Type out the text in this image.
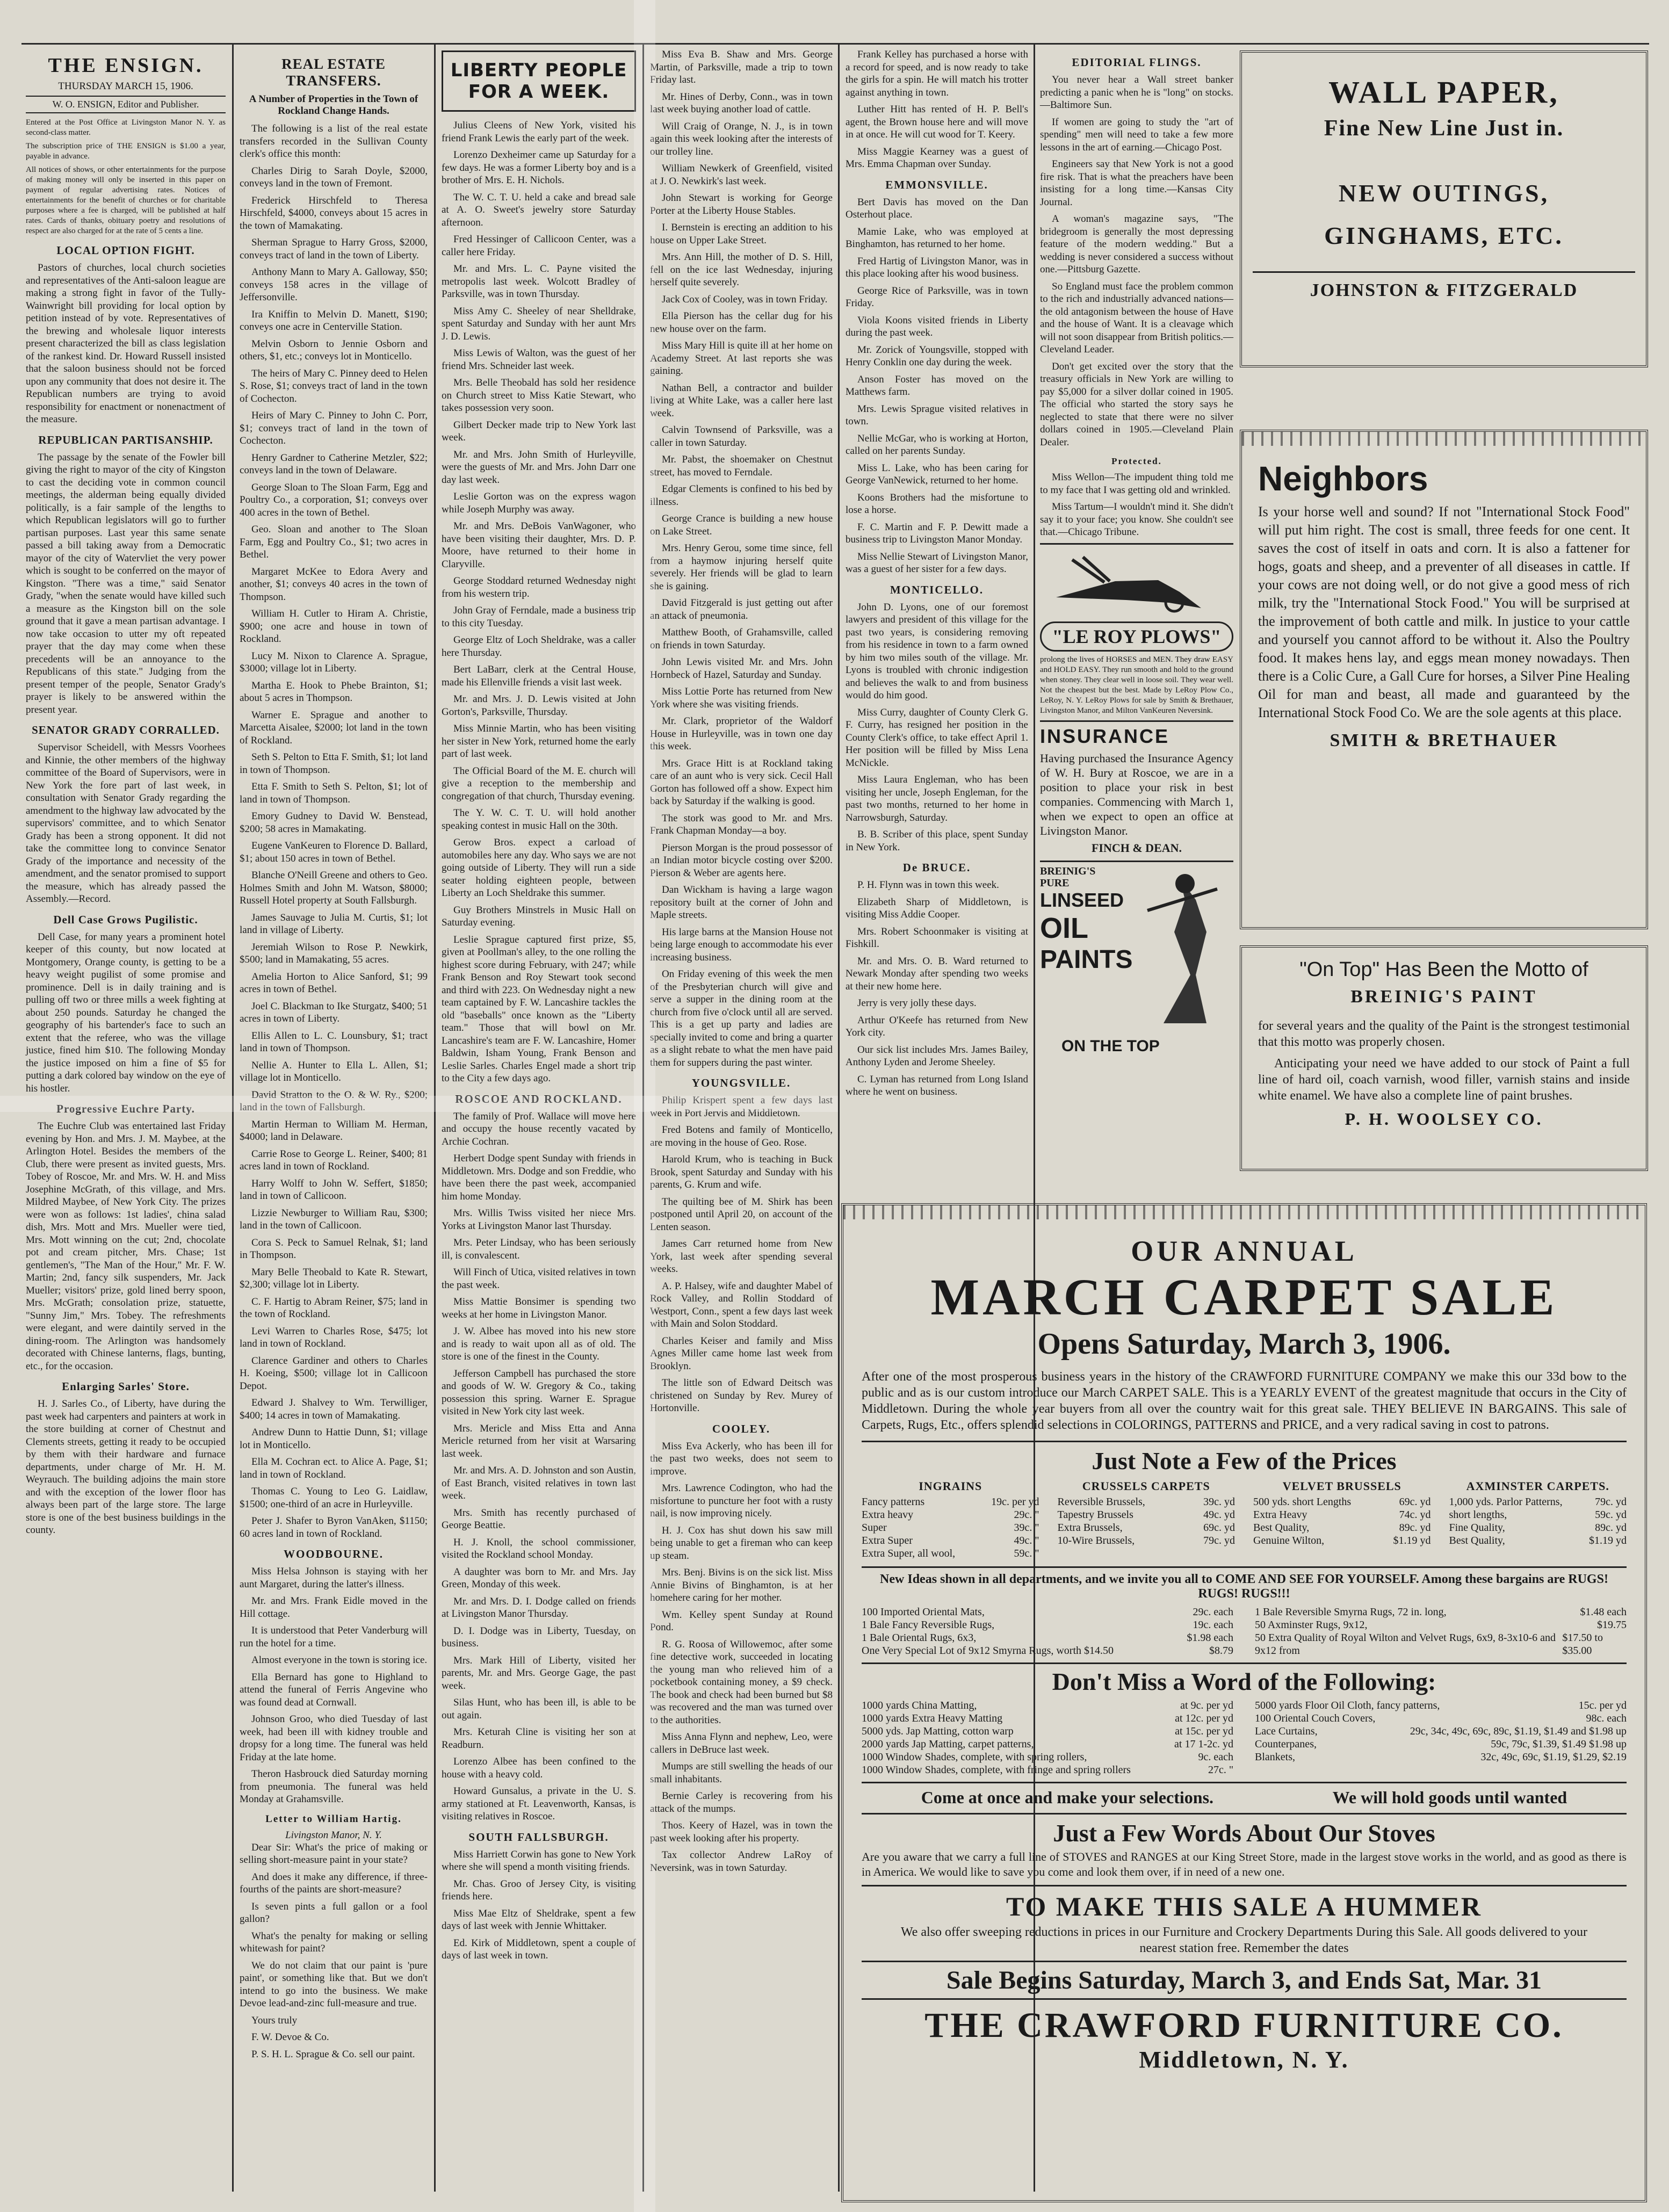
THE ENSIGN.
THURSDAY MARCH 15, 1906.
W. O. ENSIGN, Editor and Publisher.

Entered at the Post Office at Livingston Manor N. Y. as second-class matter.

The subscription price of THE ENSIGN is $1.00 a year, payable in advance.

All notices of shows, or other entertainments for the purpose of making money will only be inserted in this paper on payment of regular advertising rates. Notices of entertainments for the benefit of churches or for charitable purposes where a fee is charged, will be published at half rates. Cards of thanks, obituary poetry and resolutions of respect are also charged for at the rate of 5 cents a line.

LOCAL OPTION FIGHT.

Pastors of churches, local church societies and representatives of the Anti-saloon league are making a strong fight in favor of the Tully-Wainwright bill providing for local option by petition instead of by vote. Representatives of the brewing and wholesale liquor interests present characterized the bill as class legislation of the rankest kind. Dr. Howard Russell insisted that the saloon business should not be forced upon any community that does not desire it. The Republican numbers are trying to avoid responsibility for enactment or nonenactment of the measure.

REPUBLICAN PARTISANSHIP.

The passage by the senate of the Fowler bill giving the right to mayor of the city of Kingston to cast the deciding vote in common council meetings, the alderman being equally divided politically, is a fair sample of the lengths to which Republican legislators will go to further partisan purposes. Last year this same senate passed a bill taking away from a Democratic mayor of the city of Watervliet the very power which is sought to be conferred on the mayor of Kingston. "There was a time," said Senator Grady, "when the senate would have killed such a measure as the Kingston bill on the sole ground that it gave a mean partisan advantage. I now take occasion to utter my oft repeated prayer that the day may come when these precedents will be an annoyance to the Republicans of this state." Judging from the present temper of the people, Senator Grady's prayer is likely to be answered within the present year.

SENATOR GRADY CORRALLED.

Supervisor Scheidell, with Messrs Voorhees and Kinnie, the other members of the highway committee of the Board of Supervisors, were in New York the fore part of last week, in consultation with Senator Grady regarding the amendment to the highway law advocated by the supervisors' committee, and to which Senator Grady has been a strong opponent. It did not take the committee long to convince Senator Grady of the importance and necessity of the amendment, and the senator promised to support the measure, which has already passed the Assembly.—Record.

Dell Case Grows Pugilistic.

Dell Case, for many years a prominent hotel keeper of this county, but now located at Montgomery, Orange county, is getting to be a heavy weight pugilist of some promise and prominence. Dell is in daily training and is pulling off two or three mills a week fighting at about 250 pounds. Saturday he changed the geography of his bartender's face to such an extent that the referee, who was the village justice, fined him $10. The following Monday the justice imposed on him a fine of $5 for putting a dark colored bay window on the eye of his hostler.

Progressive Euchre Party.

The Euchre Club was entertained last Friday evening by Hon. and Mrs. J. M. Maybee, at the Arlington Hotel. Besides the members of the Club, there were present as invited guests, Mrs. Tobey of Roscoe, Mr. and Mrs. W. H. and Miss Josephine McGrath, of this village, and Mrs. Mildred Maybee, of New York City. The prizes were won as follows: 1st ladies', china salad dish, Mrs. Mott and Mrs. Mueller were tied, Mrs. Mott winning on the cut; 2nd, chocolate pot and cream pitcher, Mrs. Chase; 1st gentlemen's, "The Man of the Hour," Mr. F. W. Martin; 2nd, fancy silk suspenders, Mr. Jack Mueller; visitors' prize, gold lined berry spoon, Mrs. McGrath; consolation prize, statuette, "Sunny Jim," Mrs. Tobey. The refreshments were elegant, and were daintily served in the dining-room. The Arlington was handsomely decorated with Chinese lanterns, flags, bunting, etc., for the occasion.

Enlarging Sarles' Store.

H. J. Sarles Co., of Liberty, have during the past week had carpenters and painters at work in the store building at corner of Chestnut and Clements streets, getting it ready to be occupied by them with their hardware and furnace departments, under charge of Mr. H. M. Weyrauch. The building adjoins the main store and with the exception of the lower floor has always been part of the large store. The large store is one of the best business buildings in the county.

REAL ESTATE TRANSFERS.
A Number of Properties in the Town of Rockland Change Hands.

The following is a list of the real estate transfers recorded in the Sullivan County clerk's office this month:

Charles Dirig to Sarah Doyle, $2000, conveys land in the town of Fremont.

Frederick Hirschfeld to Theresa Hirschfeld, $4000, conveys about 15 acres in the town of Mamakating.

Sherman Sprague to Harry Gross, $2000, conveys tract of land in the town of Liberty.

Anthony Mann to Mary A. Galloway, $50; conveys 158 acres in the village of Jeffersonville.

Ira Kniffin to Melvin D. Manett, $190; conveys one acre in Centerville Station.

Melvin Osborn to Jennie Osborn and others, $1, etc.; conveys lot in Monticello.

The heirs of Mary C. Pinney deed to Helen S. Rose, $1; conveys tract of land in the town of Cochecton.

Heirs of Mary C. Pinney to John C. Porr, $1; conveys tract of land in the town of Cochecton.

Henry Gardner to Catherine Metzler, $22; conveys land in the town of Delaware.

George Sloan to The Sloan Farm, Egg and Poultry Co., a corporation, $1; conveys over 400 acres in the town of Bethel.

Geo. Sloan and another to The Sloan Farm, Egg and Poultry Co., $1; two acres in Bethel.

Margaret McKee to Edora Avery and another, $1; conveys 40 acres in the town of Thompson.

William H. Cutler to Hiram A. Christie, $900; one acre and house in town of Rockland.

Lucy M. Nixon to Clarence A. Sprague, $3000; village lot in Liberty.

Martha E. Hook to Phebe Brainton, $1; about 5 acres in Thompson.

Warner E. Sprague and another to Marcetta Aisalee, $2000; lot land in the town of Rockland.

Seth S. Pelton to Etta F. Smith, $1; lot land in town of Thompson.

Etta F. Smith to Seth S. Pelton, $1; lot of land in town of Thompson.

Emory Gudney to David W. Benstead, $200; 58 acres in Mamakating.

Eugene VanKeuren to Florence D. Ballard, $1; about 150 acres in town of Bethel.

Blanche O'Neill Greene and others to Geo. Holmes Smith and John M. Watson, $8000; Russell Hotel property at South Fallsburgh.

James Sauvage to Julia M. Curtis, $1; lot land in village of Liberty.

Jeremiah Wilson to Rose P. Newkirk, $500; land in Mamakating, 55 acres.

Amelia Horton to Alice Sanford, $1; 99 acres in town of Bethel.

Joel C. Blackman to Ike Sturgatz, $400; 51 acres in town of Liberty.

Ellis Allen to L. C. Lounsbury, $1; tract land in town of Thompson.

Nellie A. Hunter to Ella L. Allen, $1; village lot in Monticello.

David Stratton to the O. & W. Ry., $200; land in the town of Fallsburgh.

Martin Herman to William M. Herman, $4000; land in Delaware.

Carrie Rose to George L. Reiner, $400; 81 acres land in town of Rockland.

Harry Wolff to John W. Seffert, $1850; land in town of Callicoon.

Lizzie Newburger to William Rau, $300; land in the town of Callicoon.

Cora S. Peck to Samuel Relnak, $1; land in Thompson.

Mary Belle Theobald to Kate R. Stewart, $2,300; village lot in Liberty.

C. F. Hartig to Abram Reiner, $75; land in the town of Rockland.

Levi Warren to Charles Rose, $475; lot land in town of Rockland.

Clarence Gardiner and others to Charles H. Koeing, $500; village lot in Callicoon Depot.

Edward J. Shalvey to Wm. Terwilliger, $400; 14 acres in town of Mamakating.

Andrew Dunn to Hattie Dunn, $1; village lot in Monticello.

Ella M. Cochran ect. to Alice A. Page, $1; land in town of Rockland.

Thomas C. Young to Leo G. Laidlaw, $1500; one-third of an acre in Hurleyville.

Peter J. Shafer to Byron VanAken, $1150; 60 acres land in town of Rockland.

WOODBOURNE.

Miss Helsa Johnson is staying with her aunt Margaret, during the latter's illness.

Mr. and Mrs. Frank Eidle moved in the Hill cottage.

It is understood that Peter Vanderburg will run the hotel for a time.

Almost everyone in the town is storing ice.

Ella Bernard has gone to Highland to attend the funeral of Ferris Angevine who was found dead at Cornwall.

Johnson Groo, who died Tuesday of last week, had been ill with kidney trouble and dropsy for a long time. The funeral was held Friday at the late home.

Theron Hasbrouck died Saturday morning from pneumonia. The funeral was held Monday at Grahamsville.

Letter to William Hartig.
Livingston Manor, N. Y.

Dear Sir: What's the price of making or selling short-measure paint in your state?

And does it make any difference, if three-fourths of the paints are short-measure?

Is seven pints a full gallon or a fool gallon?

What's the penalty for making or selling whitewash for paint?

We do not claim that our paint is 'pure paint', or something like that. But we don't intend to go into the business. We make Devoe lead-and-zinc full-measure and true.

Yours truly

F. W. Devoe & Co.

P. S. H. L. Sprague & Co. sell our paint.

LIBERTY PEOPLE FOR A WEEK.

Julius Cleens of New York, visited his friend Frank Lewis the early part of the week.

Lorenzo Dexheimer came up Saturday for a few days. He was a former Liberty boy and is a brother of Mrs. E. H. Nichols.

The W. C. T. U. held a cake and bread sale at A. O. Sweet's jewelry store Saturday afternoon.

Fred Hessinger of Callicoon Center, was a caller here Friday.

Mr. and Mrs. L. C. Payne visited the metropolis last week. Wolcott Bradley of Parksville, was in town Thursday.

Miss Amy C. Sheeley of near Shelldrake, spent Saturday and Sunday with her aunt Mrs J. D. Lewis.

Miss Lewis of Walton, was the guest of her friend Mrs. Schneider last week.

Mrs. Belle Theobald has sold her residence on Church street to Miss Katie Stewart, who takes possession very soon.

Gilbert Decker made trip to New York last week.

Mr. and Mrs. John Smith of Hurleyville, were the guests of Mr. and Mrs. John Darr one day last week.

Leslie Gorton was on the express wagon while Joseph Murphy was away.

Mr. and Mrs. DeBois VanWagoner, who have been visiting their daughter, Mrs. D. P. Moore, have returned to their home in Claryville.

George Stoddard returned Wednesday night from his western trip.

John Gray of Ferndale, made a business trip to this city Tuesday.

George Eltz of Loch Sheldrake, was a caller here Thursday.

Bert LaBarr, clerk at the Central House, made his Ellenville friends a visit last week.

Mr. and Mrs. J. D. Lewis visited at John Gorton's, Parksville, Thursday.

Miss Minnie Martin, who has been visiting her sister in New York, returned home the early part of last week.

The Official Board of the M. E. church will give a reception to the membership and congregation of that church, Thursday evening.

The Y. W. C. T. U. will hold another speaking contest in music Hall on the 30th.

Gerow Bros. expect a carload of automobiles here any day. Who says we are not going outside of Liberty. They will run a side seater holding eighteen people, between Liberty an Loch Sheldrake this summer.

Guy Brothers Minstrels in Music Hall on Saturday evening.

Leslie Sprague captured first prize, $5, given at Poollman's alley, to the one rolling the highest score during February, with 247; while Frank Benson and Roy Stewart took second and third with 223. On Wednesday night a new team captained by F. W. Lancashire tackles the old "baseballs" once known as the "Liberty team." Those that will bowl on Mr. Lancashire's team are F. W. Lancashire, Homer Baldwin, Isham Young, Frank Benson and Leslie Sarles. Charles Engel made a short trip to the City a few days ago.

ROSCOE AND ROCKLAND.

The family of Prof. Wallace will move here and occupy the house recently vacated by Archie Cochran.

Herbert Dodge spent Sunday with friends in Middletown. Mrs. Dodge and son Freddie, who have been there the past week, accompanied him home Monday.

Mrs. Willis Twiss visited her niece Mrs. Yorks at Livingston Manor last Thursday.

Mrs. Peter Lindsay, who has been seriously ill, is convalescent.

Will Finch of Utica, visited relatives in town the past week.

Miss Mattie Bonsimer is spending two weeks at her home in Livingston Manor.

J. W. Albee has moved into his new store and is ready to wait upon all as of old. The store is one of the finest in the County.

Jefferson Campbell has purchased the store and goods of W. W. Gregory & Co., taking possession this spring. Warner E. Sprague visited in New York city last week.

Mrs. Mericle and Miss Etta and Anna Mericle returned from her visit at Warsaring last week.

Mr. and Mrs. A. D. Johnston and son Austin, of East Branch, visited relatives in town last week.

Mrs. Smith has recently purchased of George Beattie.

H. J. Knoll, the school commissioner, visited the Rockland school Monday.

A daughter was born to Mr. and Mrs. Jay Green, Monday of this week.

Mr. and Mrs. D. I. Dodge called on friends at Livingston Manor Thursday.

D. I. Dodge was in Liberty, Tuesday, on business.

Mrs. Mark Hill of Liberty, visited her parents, Mr. and Mrs. George Gage, the past week.

Silas Hunt, who has been ill, is able to be out again.

Mrs. Keturah Cline is visiting her son at Readburn.

Lorenzo Albee has been confined to the house with a heavy cold.

Howard Gunsalus, a private in the U. S. army stationed at Ft. Leavenworth, Kansas, is visiting relatives in Roscoe.

SOUTH FALLSBURGH.

Miss Harriett Corwin has gone to New York where she will spend a month visiting friends.

Mr. Chas. Groo of Jersey City, is visiting friends here.

Miss Mae Eltz of Sheldrake, spent a few days of last week with Jennie Whittaker.

Ed. Kirk of Middletown, spent a couple of days of last week in town.

Miss Eva B. Shaw and Mrs. George Martin, of Parksville, made a trip to town Friday last.

Mr. Hines of Derby, Conn., was in town last week buying another load of cattle.

Will Craig of Orange, N. J., is in town again this week looking after the interests of our trolley line.

William Newkerk of Greenfield, visited at J. O. Newkirk's last week.

John Stewart is working for George Porter at the Liberty House Stables.

I. Bernstein is erecting an addition to his house on Upper Lake Street.

Mrs. Ann Hill, the mother of D. S. Hill, fell on the ice last Wednesday, injuring herself quite severely.

Jack Cox of Cooley, was in town Friday.

Ella Pierson has the cellar dug for his new house over on the farm.

Miss Mary Hill is quite ill at her home on Academy Street. At last reports she was gaining.

Nathan Bell, a contractor and builder living at White Lake, was a caller here last week.

Calvin Townsend of Parksville, was a caller in town Saturday.

Mr. Pabst, the shoemaker on Chestnut street, has moved to Ferndale.

Edgar Clements is confined to his bed by illness.

George Crance is building a new house on Lake Street.

Mrs. Henry Gerou, some time since, fell from a haymow injuring herself quite severely. Her friends will be glad to learn she is gaining.

David Fitzgerald is just getting out after an attack of pneumonia.

Matthew Booth, of Grahamsville, called on friends in town Saturday.

John Lewis visited Mr. and Mrs. John Hornbeck of Hazel, Saturday and Sunday.

Miss Lottie Porte has returned from New York where she was visiting friends.

Mr. Clark, proprietor of the Waldorf House in Hurleyville, was in town one day this week.

Mrs. Grace Hitt is at Rockland taking care of an aunt who is very sick. Cecil Hall Gorton has followed off a show. Expect him back by Saturday if the walking is good.

The stork was good to Mr. and Mrs. Frank Chapman Monday—a boy.

Pierson Morgan is the proud possessor of an Indian motor bicycle costing over $200. Pierson & Weber are agents here.

Dan Wickham is having a large wagon repository built at the corner of John and Maple streets.

His large barns at the Mansion House not being large enough to accommodate his ever increasing business.

On Friday evening of this week the men of the Presbyterian church will give and serve a supper in the dining room at the church from five o'clock until all are served. This is a get up party and ladies are specially invited to come and bring a quarter as a slight rebate to what the men have paid them for suppers during the past winter.

YOUNGSVILLE.

Philip Krispert spent a few days last week in Port Jervis and Middletown.

Fred Botens and family of Monticello, are moving in the house of Geo. Rose.

Harold Krum, who is teaching in Buck Brook, spent Saturday and Sunday with his parents, G. Krum and wife.

The quilting bee of M. Shirk has been postponed until April 20, on account of the Lenten season.

James Carr returned home from New York, last week after spending several weeks.

A. P. Halsey, wife and daughter Mabel of Rock Valley, and Rollin Stoddard of Westport, Conn., spent a few days last week with Main and Solon Stoddard.

Charles Keiser and family and Miss Agnes Miller came home last week from Brooklyn.

The little son of Edward Deitsch was christened on Sunday by Rev. Murey of Hortonville.

COOLEY.

Miss Eva Ackerly, who has been ill for the past two weeks, does not seem to improve.

Mrs. Lawrence Codington, who had the misfortune to puncture her foot with a rusty nail, is now improving nicely.

H. J. Cox has shut down his saw mill being unable to get a fireman who can keep up steam.

Mrs. Benj. Bivins is on the sick list. Miss Annie Bivins of Binghamton, is at her homehere caring for her mother.

Wm. Kelley spent Sunday at Round Pond.

R. G. Roosa of Willowemoc, after some fine detective work, succeeded in locating the young man who relieved him of a pocketbook containing money, a $9 check. The book and check had been burned but $8 was recovered and the man was turned over to the authorities.

Miss Anna Flynn and nephew, Leo, were callers in DeBruce last week.

Mumps are still swelling the heads of our small inhabitants.

Bernie Carley is recovering from his attack of the mumps.

Thos. Keery of Hazel, was in town the past week looking after his property.

Tax collector Andrew LaRoy of Neversink, was in town Saturday.

Frank Kelley has purchased a horse with a record for speed, and is now ready to take the girls for a spin. He will match his trotter against anything in town.

Luther Hitt has rented of H. P. Bell's agent, the Brown house here and will move in at once. He will cut wood for T. Keery.

Miss Maggie Kearney was a guest of Mrs. Emma Chapman over Sunday.

EMMONSVILLE.

Bert Davis has moved on the Dan Osterhout place.

Mamie Lake, who was employed at Binghamton, has returned to her home.

Fred Hartig of Livingston Manor, was in this place looking after his wood business.

George Rice of Parksville, was in town Friday.

Viola Koons visited friends in Liberty during the past week.

Mr. Zorick of Youngsville, stopped with Henry Conklin one day during the week.

Anson Foster has moved on the Matthews farm.

Mrs. Lewis Sprague visited relatives in town.

Nellie McGar, who is working at Horton, called on her parents Sunday.

Miss L. Lake, who has been caring for George VanNewick, returned to her home.

Koons Brothers had the misfortune to lose a horse.

F. C. Martin and F. P. Dewitt made a business trip to Livingston Manor Monday.

Miss Nellie Stewart of Livingston Manor, was a guest of her sister for a few days.

MONTICELLO.

John D. Lyons, one of our foremost lawyers and president of this village for the past two years, is considering removing from his residence in town to a farm owned by him two miles south of the village. Mr. Lyons is troubled with chronic indigestion and believes the walk to and from business would do him good.

Miss Curry, daughter of County Clerk G. F. Curry, has resigned her position in the County Clerk's office, to take effect April 1. Her position will be filled by Miss Lena McNickle.

Miss Laura Engleman, who has been visiting her uncle, Joseph Engleman, for the past two months, returned to her home in Narrowsburgh, Saturday.

B. B. Scriber of this place, spent Sunday in New York.

De BRUCE.

P. H. Flynn was in town this week.

Elizabeth Sharp of Middletown, is visiting Miss Addie Cooper.

Mrs. Robert Schoonmaker is visiting at Fishkill.

Mr. and Mrs. O. B. Ward returned to Newark Monday after spending two weeks at their new home here.

Jerry is very jolly these days.

Arthur O'Keefe has returned from New York city.

Our sick list includes Mrs. James Bailey, Anthony Lyden and Jerome Sheeley.

C. Lyman has returned from Long Island where he went on business.

EDITORIAL FLINGS.

You never hear a Wall street banker predicting a panic when he is "long" on stocks.—Baltimore Sun.

If women are going to study the "art of spending" men will need to take a few more lessons in the art of earning.—Chicago Post.

Engineers say that New York is not a good fire risk. That is what the preachers have been insisting for a long time.—Kansas City Journal.

A woman's magazine says, "The bridegroom is generally the most depressing feature of the modern wedding." But a wedding is never considered a success without one.—Pittsburg Gazette.

So England must face the problem common to the rich and industrially advanced nations—the old antagonism between the house of Have and the house of Want. It is a cleavage which will not soon disappear from British politics.—Cleveland Leader.

Don't get excited over the story that the treasury officials in New York are willing to pay $5,000 for a silver dollar coined in 1905. The official who started the story says he neglected to state that there were no silver dollars coined in 1905.—Cleveland Plain Dealer.

Protected.

Miss Wellon—The impudent thing told me to my face that I was getting old and wrinkled.

Miss Tartum—I wouldn't mind it. She didn't say it to your face; you know. She couldn't see that.—Chicago Tribune.

"LE ROY PLOWS"

prolong the lives of HORSES and MEN. They draw EASY and HOLD EASY. They run smooth and hold to the ground when stoney. They clear well in loose soil. They wear well. Not the cheapest but the best. Made by LeRoy Plow Co., LeRoy, N. Y. LeRoy Plows for sale by Smith & Brethauer, Livingston Manor, and Milton VanKeuren Neversink.

INSURANCE

Having purchased the Insurance Agency of W. H. Bury at Roscoe, we are in a position to place your risk in best companies. Commencing with March 1, when we expect to open an office at Livingston Manor.

FINCH & DEAN.
BREINIG'S PURE
LINSEED
OIL
PAINTS
ON THE TOP
WALL PAPER,
Fine New Line Just in.
NEW OUTINGS,
GINGHAMS, ETC.
JOHNSTON & FITZGERALD
Neighbors

Is your horse well and sound? If not "International Stock Food" will put him right. The cost is small, three feeds for one cent. It saves the cost of itself in oats and corn. It is also a fattener for hogs, goats and sheep, and a preventer of all diseases in cattle. If your cows are not doing well, or do not give a good mess of rich milk, try the "International Stock Food." You will be surprised at the improvement of both cattle and milk. In justice to your cattle and yourself you cannot afford to be without it. Also the Poultry food. It makes hens lay, and eggs mean money nowadays. Then there is a Colic Cure, a Gall Cure for horses, a Silver Pine Healing Oil for man and beast, all made and guaranteed by the International Stock Food Co. We are the sole agents at this place.

SMITH & BRETHAUER
"On Top" Has Been the Motto of
BREINIG'S PAINT

for several years and the quality of the Paint is the strongest testimonial that this motto was properly chosen.

Anticipating your need we have added to our stock of Paint a full line of hard oil, coach varnish, wood filler, varnish stains and inside white enamel. We have also a complete line of paint brushes.

P. H. WOOLSEY CO.
OUR ANNUAL
MARCH CARPET SALE
Opens Saturday, March 3, 1906.

After one of the most prosperous business years in the history of the CRAWFORD FURNITURE COMPANY we make this our 33d bow to the public and as is our custom introduce our March CARPET SALE. This is a YEARLY EVENT of the greatest magnitude that occurs in the City of Middletown. During the whole year buyers from all over the country wait for this great sale. THEY BELIEVE IN BARGAINS. This sale of Carpets, Rugs, Etc., offers splendid selections in COLORINGS, PATTERNS and PRICE, and a very radical saving in cost to patrons.

Just Note a Few of the Prices
INGRAINS
Fancy patterns	19c. per yd
Extra heavy	29c. "
Super	39c. "
Extra Super	49c. "
Extra Super, all wool,	59c. "
CRUSSELS CARPETS
Reversible Brussels,	39c. yd
Tapestry Brussels	49c. yd
Extra Brussels,	69c. yd
10-Wire Brussels,	79c. yd
VELVET BRUSSELS
500 yds. short Lengths	69c. yd
Extra Heavy	74c. yd
Best Quality,	89c. yd
Genuine Wilton,	$1.19 yd
AXMINSTER CARPETS.
1,000 yds. Parlor Patterns,	79c. yd
short lengths,	59c. yd
Fine Quality,	89c. yd
Best Quality,	$1.19 yd
New Ideas shown in all departments, and we invite you all to COME AND SEE FOR YOURSELF. Among these bargains are RUGS! RUGS! RUGS!!!
100 Imported Oriental Mats,	29c. each
1 Bale Fancy Reversible Rugs,	19c. each
1 Bale Oriental Rugs, 6x3,	$1.98 each
One Very Special Lot of 9x12 Smyrna Rugs, worth $14.50	$8.79
1 Bale Reversible Smyrna Rugs, 72 in. long,	$1.48 each
50 Axminster Rugs, 9x12,	$19.75
50 Extra Quality of Royal Wilton and Velvet Rugs, 6x9, 8-3x10-6 and 9x12 from
$17.50 to $35.00
Don't Miss a Word of the Following:
1000 yards China Matting,	at 9c. per yd
1000 yards Extra Heavy Matting	at 12c. per yd
5000 yds. Jap Matting, cotton warp	at 15c. per yd
2000 yards Jap Matting, carpet patterns,	at 17 1-2c. yd
1000 Window Shades, complete, with spring rollers,	9c. each
1000 Window Shades, complete, with fringe and spring rollers	27c. "
5000 yards Floor Oil Cloth, fancy patterns,	15c. per yd
100 Oriental Couch Covers,	98c. each
Lace Curtains,	29c, 34c, 49c, 69c, 89c, $1.19, $1.49 and $1.98 up
Counterpanes,	59c, 79c, $1.39, $1.49 $1.98 up
Blankets,	32c, 49c, 69c, $1.19, $1.29, $2.19
Come at once and make your selections.	We will hold goods until wanted
Just a Few Words About Our Stoves

Are you aware that we carry a full line of STOVES and RANGES at our King Street Store, made in the largest stove works in the world, and as good as there is in America. We would like to save you come and look them over, if in need of a new one.

TO MAKE THIS SALE A HUMMER

We also offer sweeping reductions in prices in our Furniture and Crockery Departments During this Sale. All goods delivered to your nearest station free. Remember the dates

Sale Begins Saturday, March 3, and Ends Sat, Mar. 31
THE CRAWFORD FURNITURE CO.
Middletown, N. Y.
